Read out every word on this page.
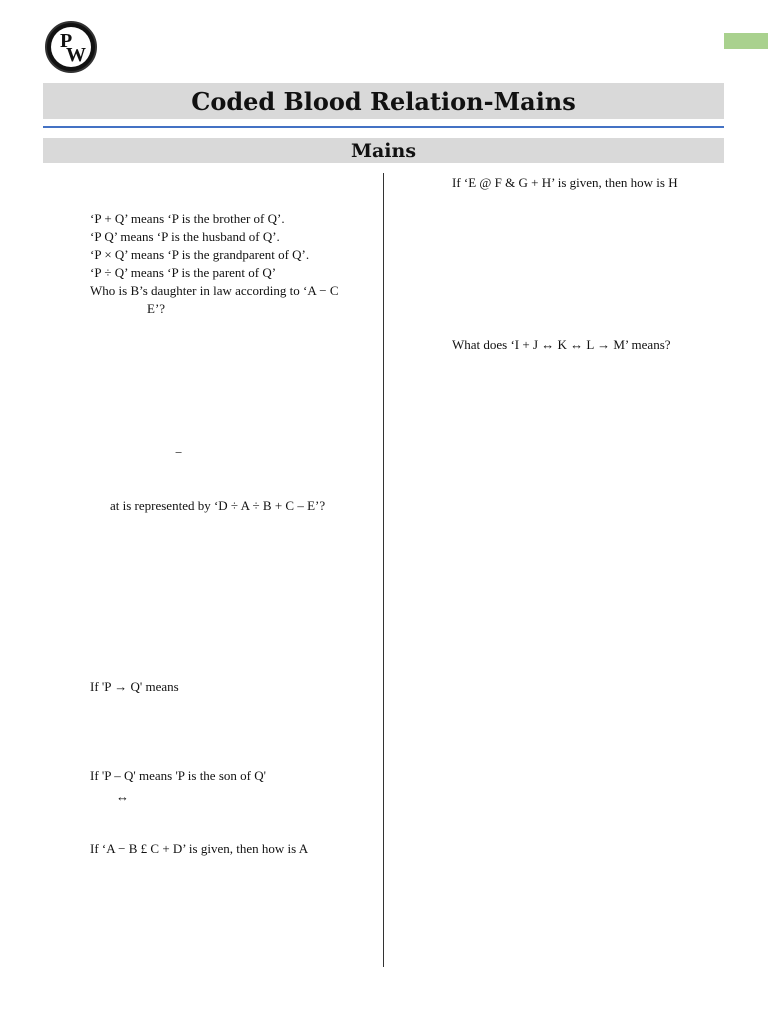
P
W
Coded Blood Relation-Mains
Mains
‘P + Q’ means ‘P is the brother of Q’.
‘P Q’ means ‘P is the husband of Q’.
‘P × Q’ means ‘P is the grandparent of Q’.
‘P ÷ Q’ means ‘P is the parent of Q’
Who is B’s daughter in law according to ‘A − C
E’?
−
at is represented by ‘D ÷ A ÷ B + C – E’?
If 'P → Q' means
If 'P – Q' means 'P is the son of Q'
↔
If ‘A − B £ C + D’ is given, then how is A
If ‘E @ F & G + H’ is given, then how is H
What does ‘I + J ↔ K ↔ L → M’ means?
